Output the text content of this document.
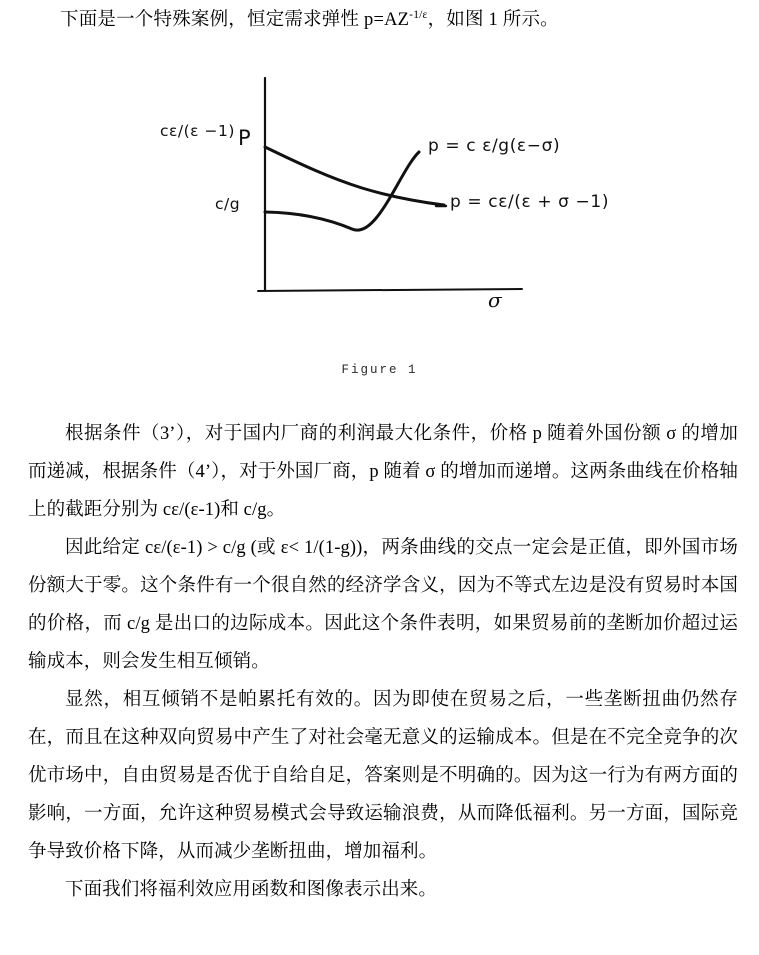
下面是一个特殊案例，恒定需求弹性 $p=AZ^{-1/\varepsilon}$，如图 1 所示。
P
σ
cε/(ε −1)
c/g
p = c ε/g(ε−σ)
p = cε/(ε + σ −1)
Figure 1

根据条件（3’），对于国内厂商的利润最大化条件，价格 p 随着外国份额 σ 的增加而递减，根据条件（4’），对于外国厂商，p 随着 σ 的增加而递增。这两条曲线在价格轴上的截距分别为 cε/(ε-1)和 c/g。

因此给定 cε/(ε-1) > c/g (或 ε< 1/(1-g))，两条曲线的交点一定会是正值，即外国市场份额大于零。这个条件有一个很自然的经济学含义，因为不等式左边是没有贸易时本国的价格，而 c/g 是出口的边际成本。因此这个条件表明，如果贸易前的垄断加价超过运输成本，则会发生相互倾销。

显然，相互倾销不是帕累托有效的。因为即使在贸易之后，一些垄断扭曲仍然存在，而且在这种双向贸易中产生了对社会毫无意义的运输成本。但是在不完全竞争的次优市场中，自由贸易是否优于自给自足，答案则是不明确的。因为这一行为有两方面的影响，一方面，允许这种贸易模式会导致运输浪费，从而降低福利。另一方面，国际竞争导致价格下降，从而减少垄断扭曲，增加福利。

下面我们将福利效应用函数和图像表示出来。
